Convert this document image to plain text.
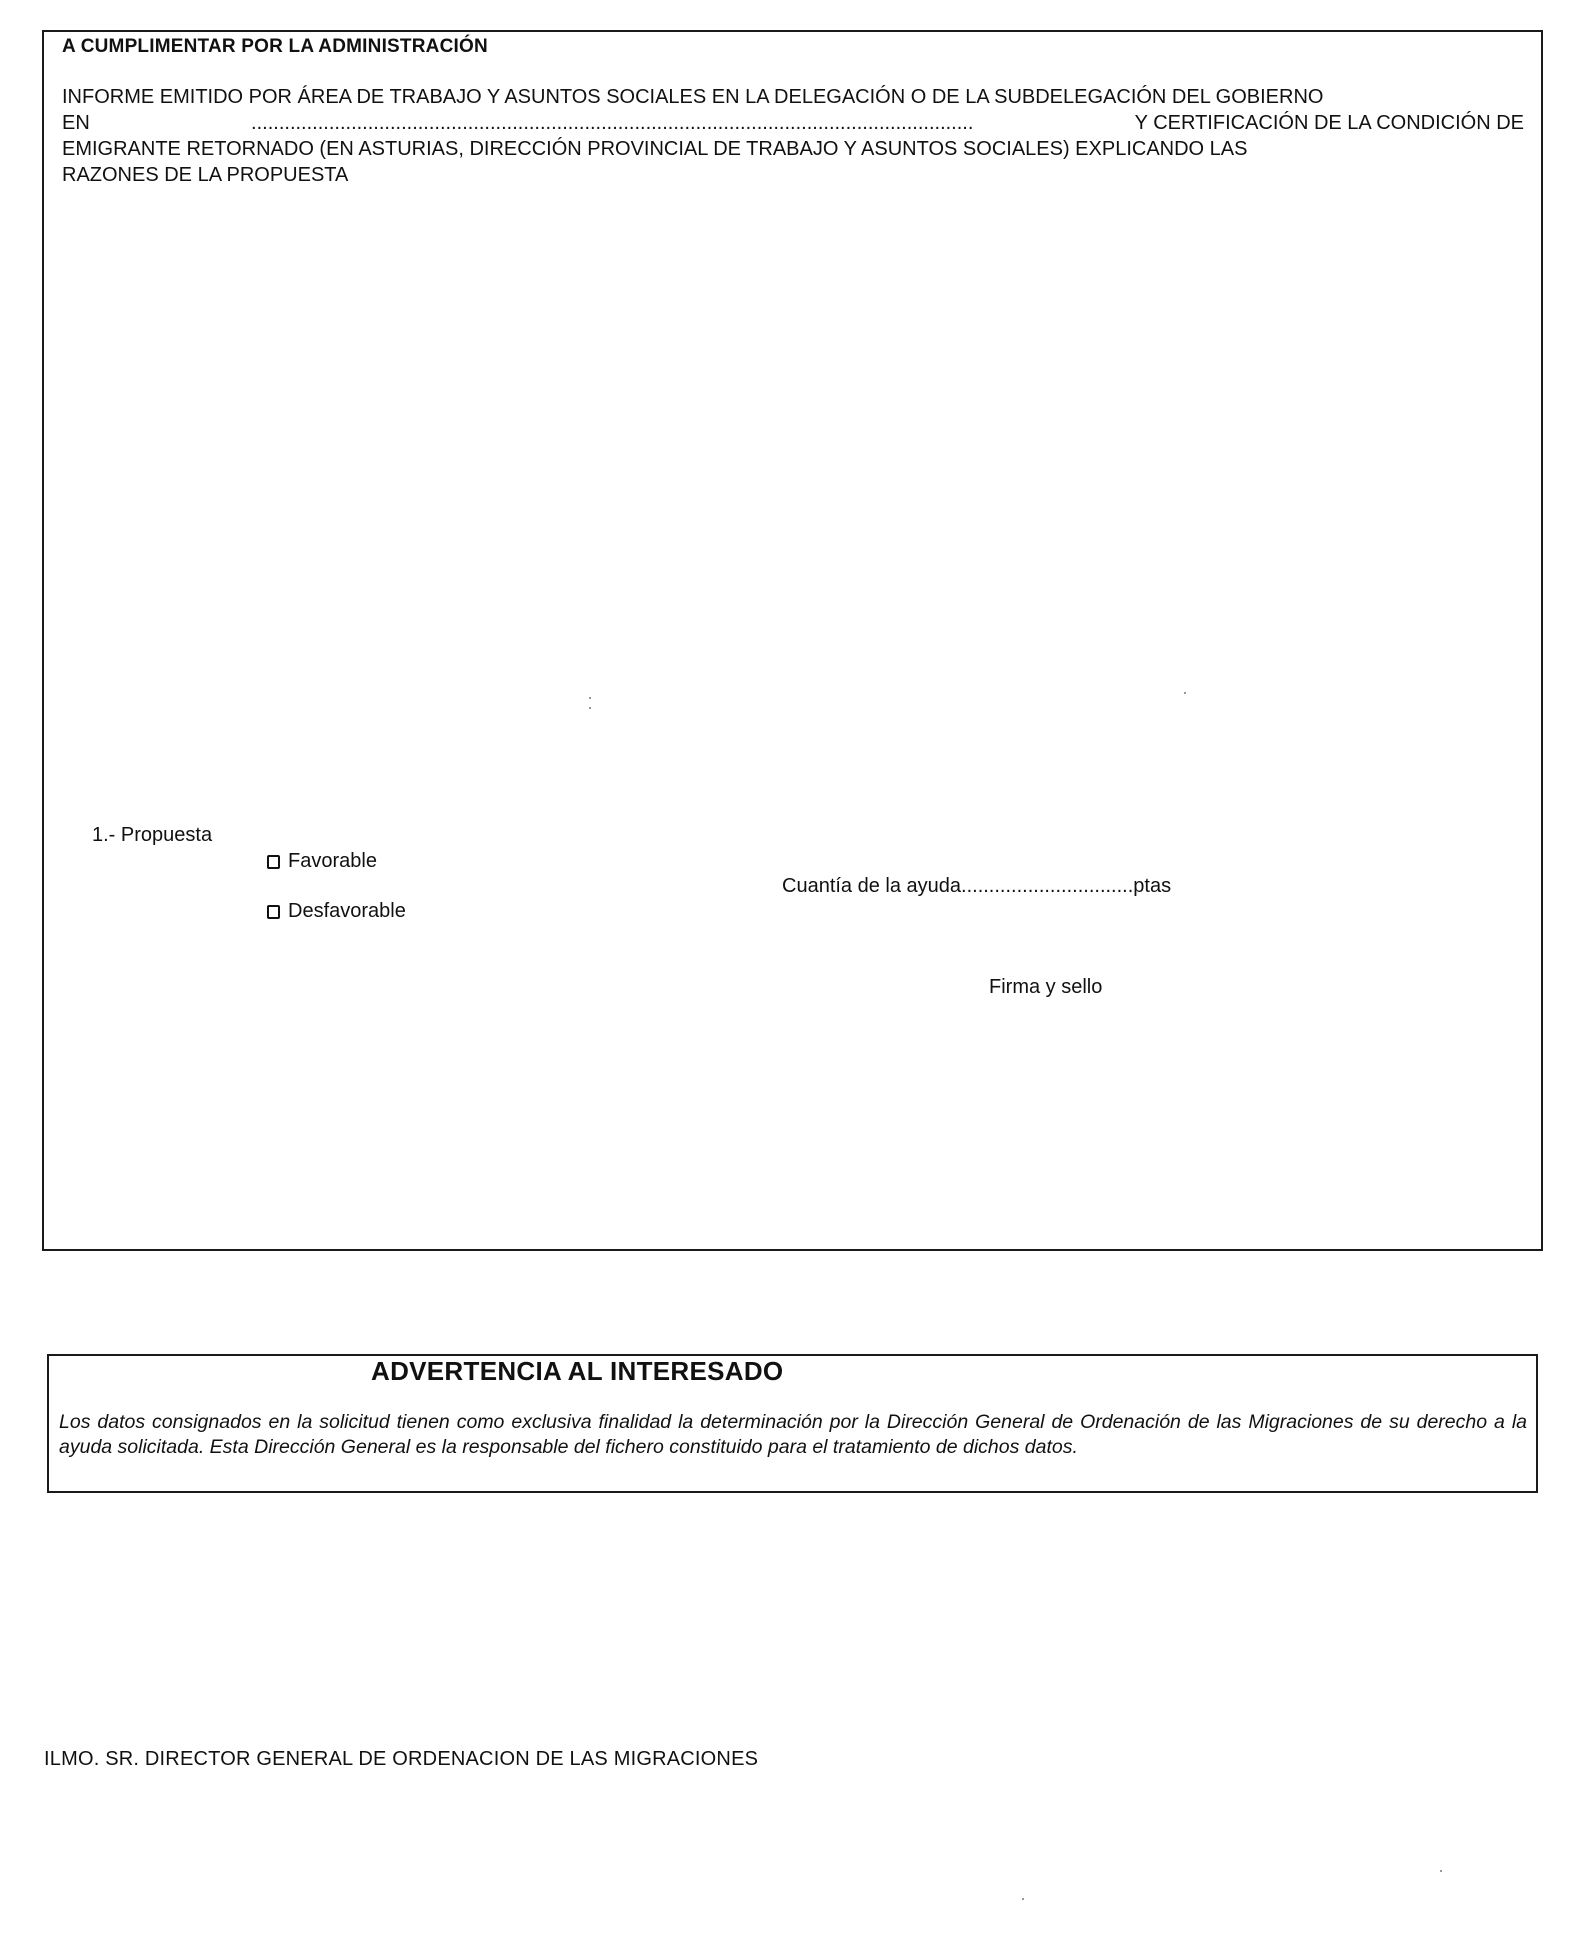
A CUMPLIMENTAR POR LA ADMINISTRACIÓN
INFORME EMITIDO POR ÁREA DE TRABAJO Y ASUNTOS SOCIALES EN LA DELEGACIÓN O DE LA SUBDELEGACIÓN DEL GOBIERNO
EN	..................................................................................................................................	Y CERTIFICACIÓN DE LA CONDICIÓN DE
EMIGRANTE RETORNADO (EN ASTURIAS, DIRECCIÓN PROVINCIAL DE TRABAJO Y ASUNTOS SOCIALES) EXPLICANDO LAS
RAZONES DE LA PROPUESTA
1.- Propuesta
Favorable
Desfavorable
Cuantía de la ayuda...............................ptas
Firma y sello
ADVERTENCIA AL INTERESADO
Los datos consignados en la solicitud tienen como exclusiva finalidad la determinación por la Dirección General de Ordenación de las Migraciones de su derecho a la ayuda solicitada. Esta Dirección General es la responsable del fichero constituido para el tratamiento de dichos datos.
ILMO. SR. DIRECTOR GENERAL DE ORDENACION DE LAS MIGRACIONES
